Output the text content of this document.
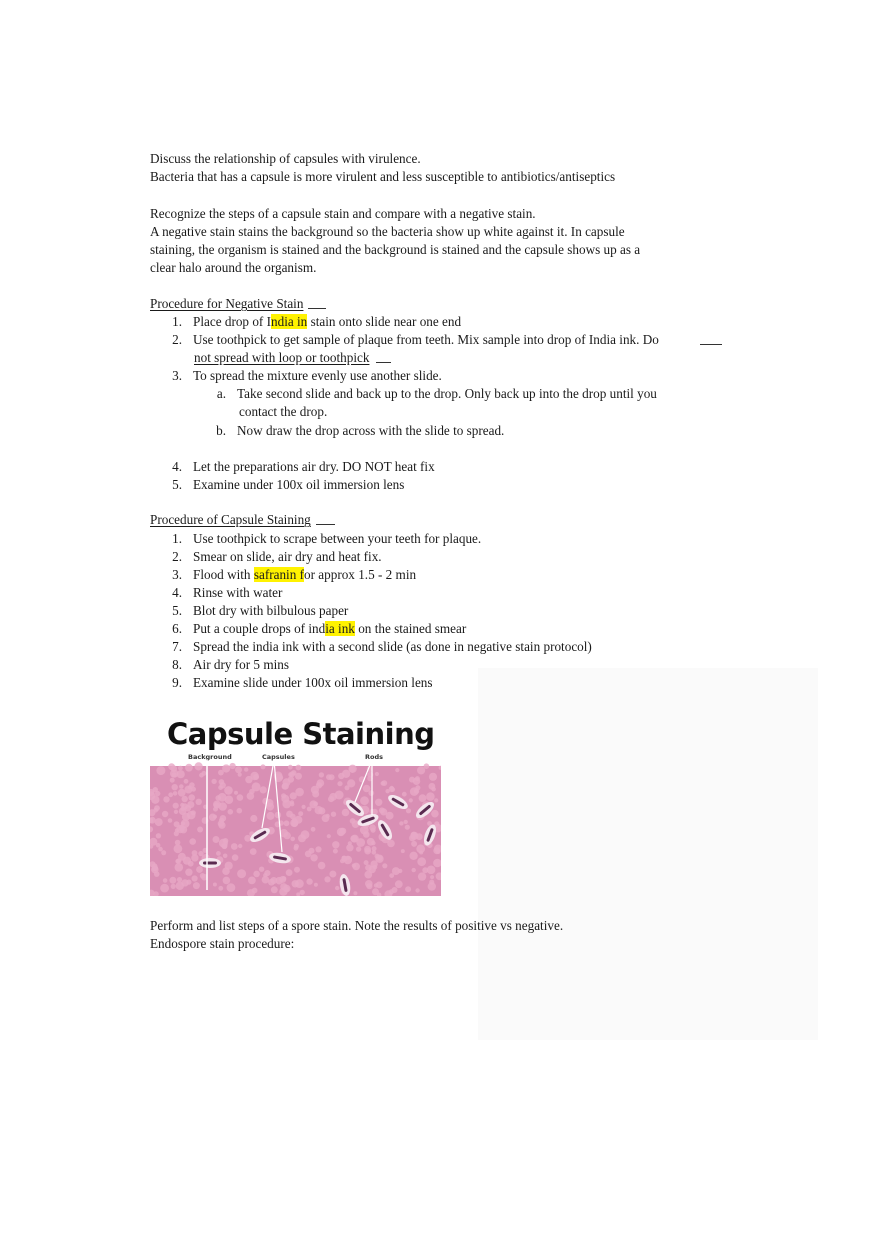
Discuss the relationship of capsules with virulence.
Bacteria that has a capsule is more virulent and less susceptible to antibiotics/antiseptics
Recognize the steps of a capsule stain and compare with a negative stain.
A negative stain stains the background so the bacteria show up white against it. In capsule
staining, the organism is stained and the background is stained and the capsule shows up as a
clear halo around the organism.
Procedure for Negative Stain
1. Place drop of India in stain onto slide near one end
2. Use toothpick to get sample of plaque from teeth. Mix sample into drop of India ink. Do
not spread with loop or toothpick
3. To spread the mixture evenly use another slide.
a. Take second slide and back up to the drop. Only back up into the drop until you
contact the drop.
b. Now draw the drop across with the slide to spread.
4. Let the preparations air dry. DO NOT heat fix
5. Examine under 100x oil immersion lens
Procedure of Capsule Staining
1. Use toothpick to scrape between your teeth for plaque.
2. Smear on slide, air dry and heat fix.
3. Flood with safranin for approx 1.5 - 2 min
4. Rinse with water
5. Blot dry with bilbulous paper
6. Put a couple drops of india ink on the stained smear
7. Spread the india ink with a second slide (as done in negative stain protocol)
8. Air dry for 5 mins
9. Examine slide under 100x oil immersion lens
Capsule Staining
Background	Capsules	Rods
Perform and list steps of a spore stain. Note the results of positive vs negative.
Endospore stain procedure:
